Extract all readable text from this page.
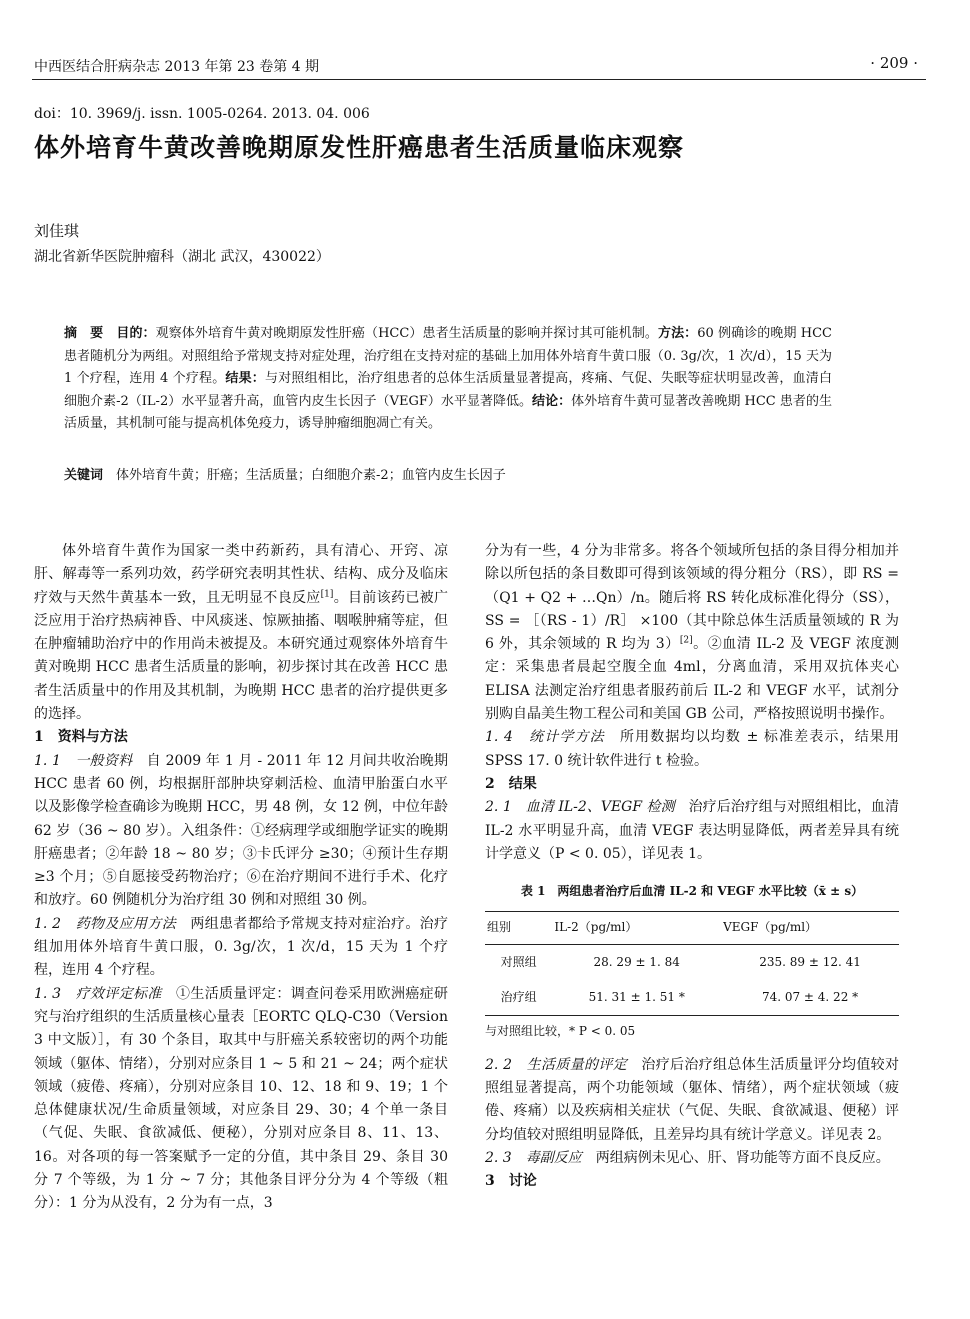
中西医结合肝病杂志 2013 年第 23 卷第 4 期	· 209 ·
doi：10. 3969/j. issn. 1005-0264. 2013. 04. 006
体外培育牛黄改善晚期原发性肝癌患者生活质量临床观察
刘佳琪
湖北省新华医院肿瘤科（湖北 武汉，430022）
摘　要　 目的：观察体外培育牛黄对晚期原发性肝癌（HCC）患者生活质量的影响并探讨其可能机制。方法：60 例确诊的晚期 HCC 患者随机分为两组。对照组给予常规支持对症处理，治疗组在支持对症的基础上加用体外培育牛黄口服（0. 3g/次，1 次/d），15 天为 1 个疗程，连用 4 个疗程。结果：与对照组相比，治疗组患者的总体生活质量显著提高，疼痛、气促、失眠等症状明显改善，血清白细胞介素-2（IL-2）水平显著升高，血管内皮生长因子（VEGF）水平显著降低。结论：体外培育牛黄可显著改善晚期 HCC 患者的生活质量，其机制可能与提高机体免疫力，诱导肿瘤细胞凋亡有关。
关键词　 体外培育牛黄；肝癌；生活质量；白细胞介素-2；血管内皮生长因子

体外培育牛黄作为国家一类中药新药，具有清心、开窍、凉肝、解毒等一系列功效，药学研究表明其性状、结构、成分及临床疗效与天然牛黄基本一致，且无明显不良反应[1]。目前该药已被广泛应用于治疗热病神昏、中风痰迷、惊厥抽搐、咽喉肿痛等症，但在肿瘤辅助治疗中的作用尚未被提及。本研究通过观察体外培育牛黄对晚期 HCC 患者生活质量的影响，初步探讨其在改善 HCC 患者生活质量中的作用及其机制，为晚期 HCC 患者的治疗提供更多的选择。

1　资料与方法

1. 1　一般资料　 自 2009 年 1 月 - 2011 年 12 月间共收治晚期 HCC 患者 60 例，均根据肝部肿块穿刺活检、血清甲胎蛋白水平以及影像学检查确诊为晚期 HCC，男 48 例，女 12 例，中位年龄 62 岁（36 ~ 80 岁）。入组条件：①经病理学或细胞学证实的晚期肝癌患者；②年龄 18 ~ 80 岁；③卡氏评分 ≥30；④预计生存期≥3 个月；⑤自愿接受药物治疗；⑥在治疗期间不进行手术、化疗和放疗。60 例随机分为治疗组 30 例和对照组 30 例。

1. 2　药物及应用方法　 两组患者都给予常规支持对症治疗。治疗组加用体外培育牛黄口服，0. 3g/次，1 次/d，15 天为 1 个疗程，连用 4 个疗程。

1. 3　疗效评定标准　 ①生活质量评定：调查问卷采用欧洲癌症研究与治疗组织的生活质量核心量表［EORTC QLQ-C30（Version 3 中文版）］，有 30 个条目，取其中与肝癌关系较密切的两个功能领域（躯体、情绪），分别对应条目 1 ~ 5 和 21 ~ 24；两个症状领域（疲倦、疼痛），分别对应条目 10、12、18 和 9、19；1 个总体健康状况/生命质量领域，对应条目 29、30；4 个单一条目（气促、失眠、食欲减低、便秘），分别对应条目 8、11、13、16。对各项的每一答案赋予一定的分值，其中条目 29、条目 30 分 7 个等级，为 1 分 ~ 7 分；其他条目评分分为 4 个等级（粗分）：1 分为从没有，2 分为有一点，3

分为有一些，4 分为非常多。将各个领域所包括的条目得分相加并除以所包括的条目数即可得到该领域的得分粗分（RS），即 RS = （Q1 + Q2 + …Qn）/n。随后将 RS 转化成标准化得分（SS），SS = ［（RS - 1）/R］ ×100（其中除总体生活质量领域的 R 为 6 外，其余领域的 R 均为 3）[2]。②血清 IL-2 及 VEGF 浓度测定：采集患者晨起空腹全血 4ml，分离血清，采用双抗体夹心 ELISA 法测定治疗组患者服药前后 IL-2 和 VEGF 水平，试剂分别购自晶美生物工程公司和美国 GB 公司，严格按照说明书操作。

1. 4　统计学方法　 所用数据均以均数 ± 标准差表示，结果用 SPSS 17. 0 统计软件进行 t 检验。

2　结果

2. 1　血清 IL-2、VEGF 检测　 治疗后治疗组与对照组相比，血清 IL-2 水平明显升高，血清 VEGF 表达明显降低，两者差异具有统计学意义（P < 0. 05），详见表 1。

表 1　两组患者治疗后血清 IL-2 和 VEGF 水平比较（x̄ ± s）
组别	IL-2（pg/ml）	VEGF（pg/ml）
对照组	28. 29 ± 1. 84	235. 89 ± 12. 41
治疗组	51. 31 ± 1. 51 *	74. 07 ± 4. 22 *
与对照组比较，* P < 0. 05

2. 2　生活质量的评定　 治疗后治疗组总体生活质量评分均值较对照组显著提高，两个功能领域（躯体、情绪），两个症状领域（疲倦、疼痛）以及疾病相关症状（气促、失眠、食欲减退、便秘）评分均值较对照组明显降低，且差异均具有统计学意义。详见表 2。

2. 3　毒副反应　 两组病例未见心、肝、肾功能等方面不良反应。

3　讨论
